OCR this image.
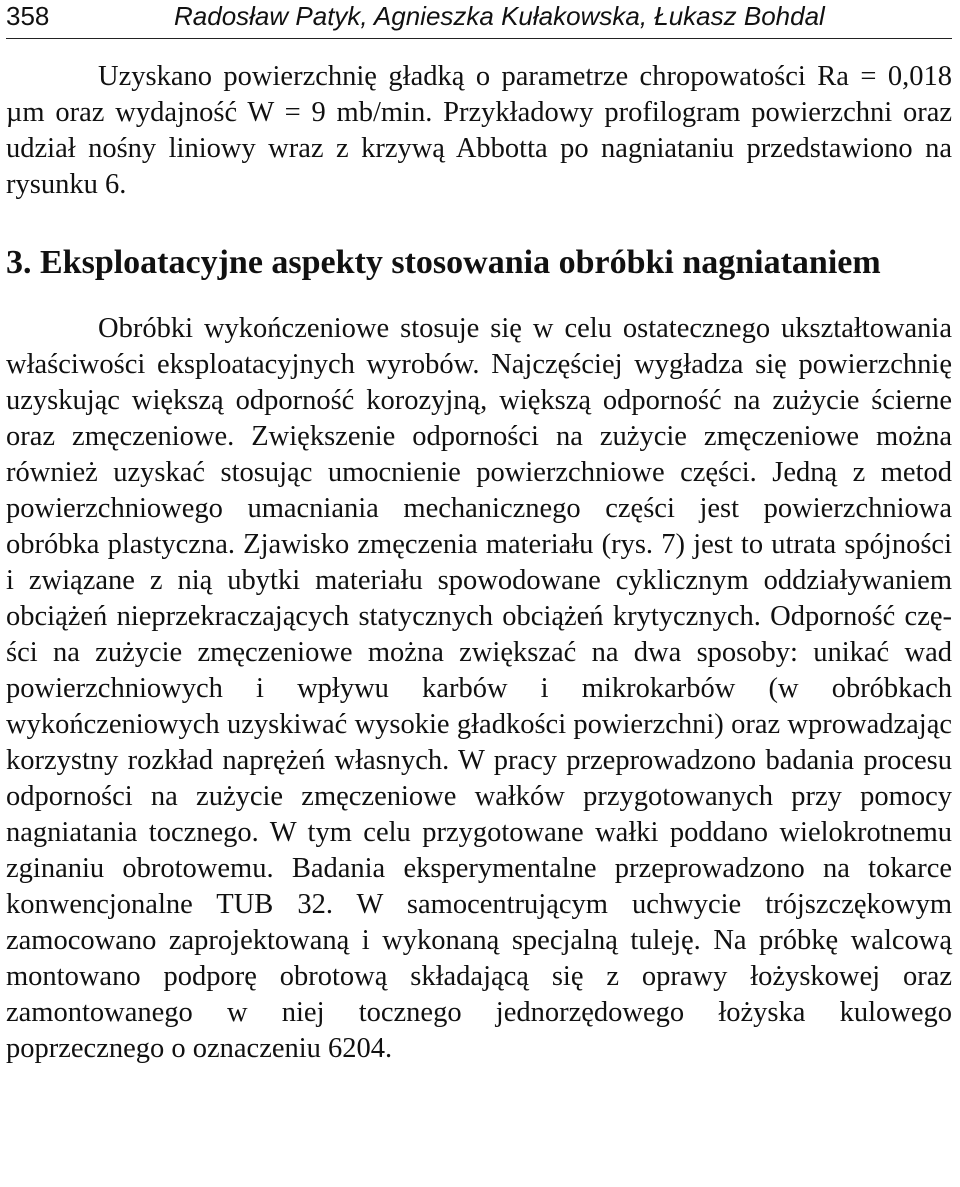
358	Radosław Patyk, Agnieszka Kułakowska, Łukasz Bohdal

Uzyskano powierzchnię gładką o parametrze chropowatości Ra = 0,018 µm oraz wydajność W = 9 mb/min. Przykładowy profilogram powierzchni oraz udział nośny liniowy wraz z krzywą Abbotta po nagniataniu przedstawiono na rysunku 6.

3. Eksploatacyjne aspekty stosowania obróbki nagniataniem

Obróbki wykończeniowe stosuje się w celu ostatecznego ukształtowania właściwości eksploatacyjnych wyrobów. Najczęściej wygładza się powierzchnię uzyskując większą odporność korozyjną, większą odporność na zużycie ścierne oraz zmęczeniowe. Zwiększenie odporności na zużycie zmęczeniowe można również uzyskać stosując umocnienie powierzchniowe części. Jedną z metod powierzchniowego umacniania mechanicznego części jest powierzchniowa obróbka plastyczna. Zjawisko zmęczenia materiału (rys. 7) jest to utrata spójności i związane z nią ubytki materiału spowodowane cyklicznym oddziaływaniem obciążeń nieprzekraczających statycznych obciążeń krytycznych. Odporność części na zużycie zmęczeniowe można zwiększać na dwa sposoby: unikać wad powierzchniowych i wpływu karbów i mikrokarbów (w obróbkach wykończeniowych uzyskiwać wysokie gładkości powierzchni) oraz wprowadzając korzystny rozkład naprężeń własnych. W pracy przeprowadzono badania procesu odporności na zużycie zmęczeniowe wałków przygotowanych przy pomocy nagniatania tocznego. W tym celu przygotowane wałki poddano wielokrotnemu zginaniu obrotowemu. Badania eksperymentalne przeprowadzono na tokarce konwencjonalne TUB 32. W samocentrującym uchwycie trójszczękowym zamocowano zaprojektowaną i wykonaną specjalną tuleję. Na próbkę walcową montowano podporę obrotową składającą się z oprawy łożyskowej oraz zamontowanego w niej tocznego jednorzędowego łożyska kulowego poprzecznego o oznaczeniu 6204.
